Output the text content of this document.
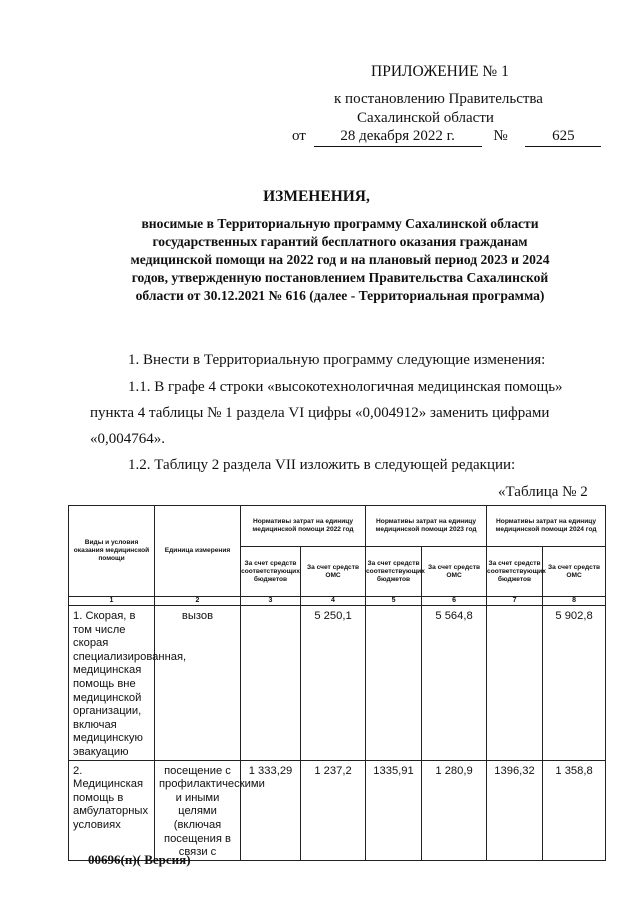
ПРИЛОЖЕНИЕ № 1
к постановлению Правительства
Сахалинской области
от 28 декабря 2022 г.	№	625
ИЗМЕНЕНИЯ,
вносимые в Территориальную программу Сахалинской области
государственных гарантий бесплатного оказания гражданам
медицинской помощи на 2022 год и на плановый период 2023 и 2024
годов, утвержденную постановлением Правительства Сахалинской
области от 30.12.2021 № 616 (далее - Территориальная программа)
1. Внести в Территориальную программу следующие изменения:
1.1. В графе 4 строки «высокотехнологичная медицинская помощь»
пункта 4 таблицы № 1 раздела VI цифры «0,004912» заменить цифрами
«0,004764».
1.2. Таблицу 2 раздела VII изложить в следующей редакции:
«Таблица № 2
Виды и условия оказания медицинской помощи	Единица измерения	Нормативы затрат на единицу медицинской помощи 2022 год		Нормативы затрат на единицу медицинской помощи 2023 год		Нормативы затрат на единицу медицинской помощи 2024 год	
		За счет средств соответствующих бюджетов	За счет средств ОМС	За счет средств соответствующих бюджетов	За счет средств ОМС	За счет средств соответствующих бюджетов	За счет средств ОМС
1	2	3	4	5	6	7	8
1. Скорая, в том числе скорая специализированная, медицинская помощь вне медицинской организации, включая медицинскую эвакуацию	вызов		5 250,1		5 564,8		5 902,8
2. Медицинская помощь в амбулаторных условиях	посещение с профилактическими и иными целями (включая посещения в связи с	1 333,29	1 237,2	1335,91	1 280,9	1396,32	1 358,8
00696(п)( Версия)
